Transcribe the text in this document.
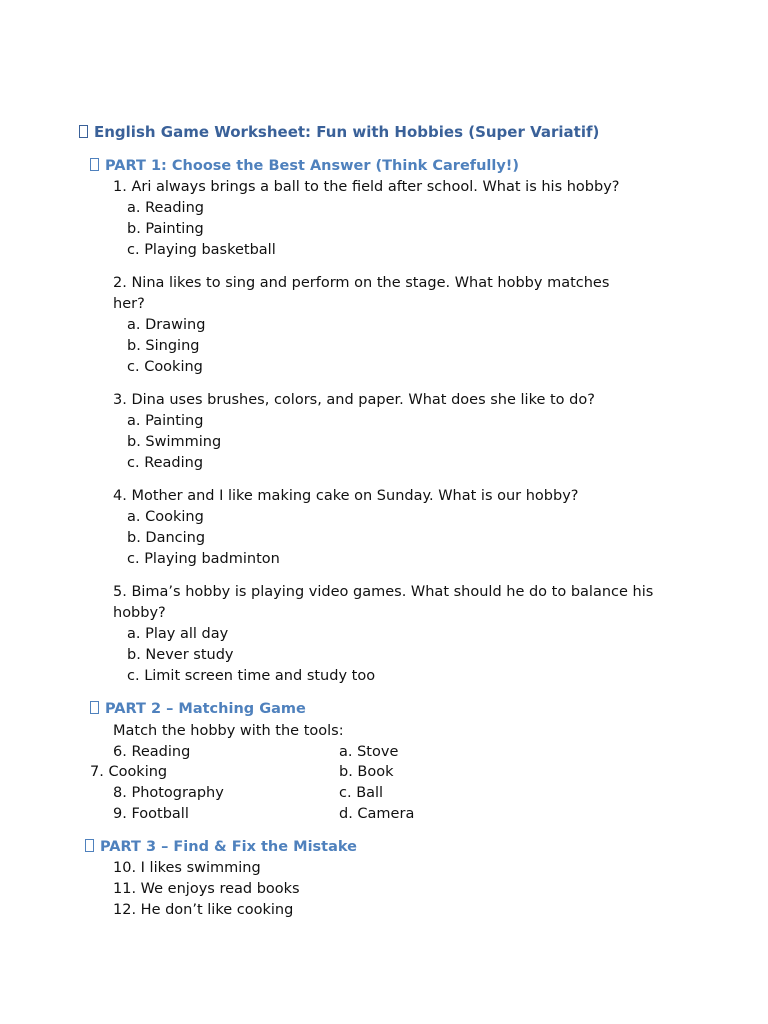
English Game Worksheet: Fun with Hobbies (Super Variatif)
PART 1: Choose the Best Answer (Think Carefully!)
1. Ari always brings a ball to the field after school. What is his hobby?
a. Reading
b. Painting
c. Playing basketball
2. Nina likes to sing and perform on the stage. What hobby matches
her?
a. Drawing
b. Singing
c. Cooking
3. Dina uses brushes, colors, and paper. What does she like to do?
a. Painting
b. Swimming
c. Reading
4. Mother and I like making cake on Sunday. What is our hobby?
a. Cooking
b. Dancing
c. Playing badminton
5. Bima’s hobby is playing video games. What should he do to balance his
hobby?
a. Play all day
b. Never study
c. Limit screen time and study too
PART 2 – Matching Game
Match the hobby with the tools:
6. Reading
7. Cooking
8. Photography
9. Football
a. Stove
b. Book
c. Ball
d. Camera
PART 3 – Find & Fix the Mistake
10. I likes swimming
11. We enjoys read books
12. He don’t like cooking
